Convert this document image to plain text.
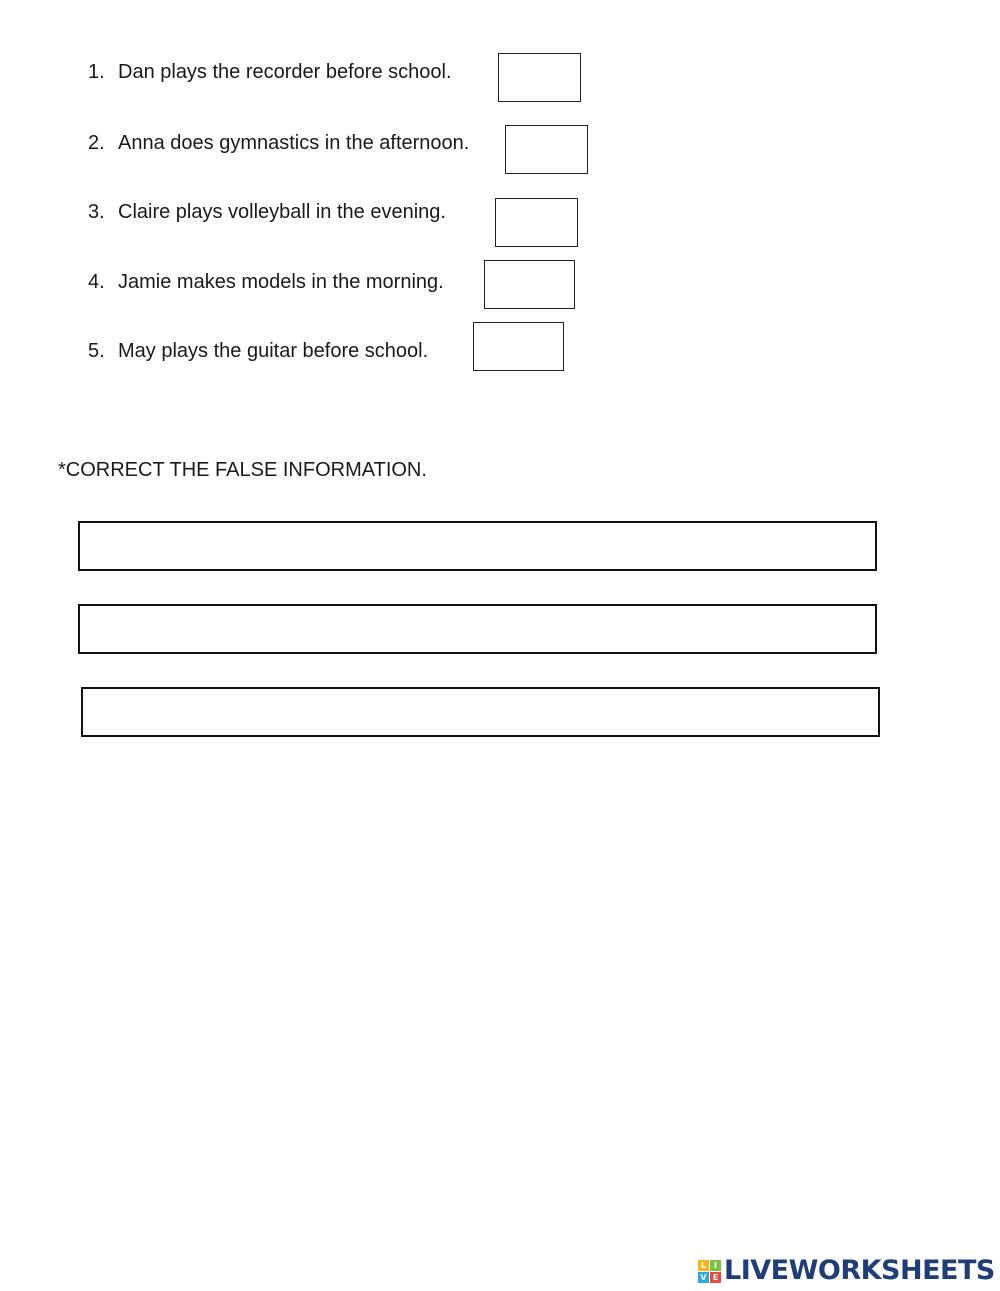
1. Dan plays the recorder before school.
2. Anna does gymnastics in the afternoon.
3. Claire plays volleyball in the evening.
4. Jamie makes models in the morning.
5. May plays the guitar before school.
*CORRECT THE FALSE INFORMATION.
L I
V E LIVEWORKSHEETS
